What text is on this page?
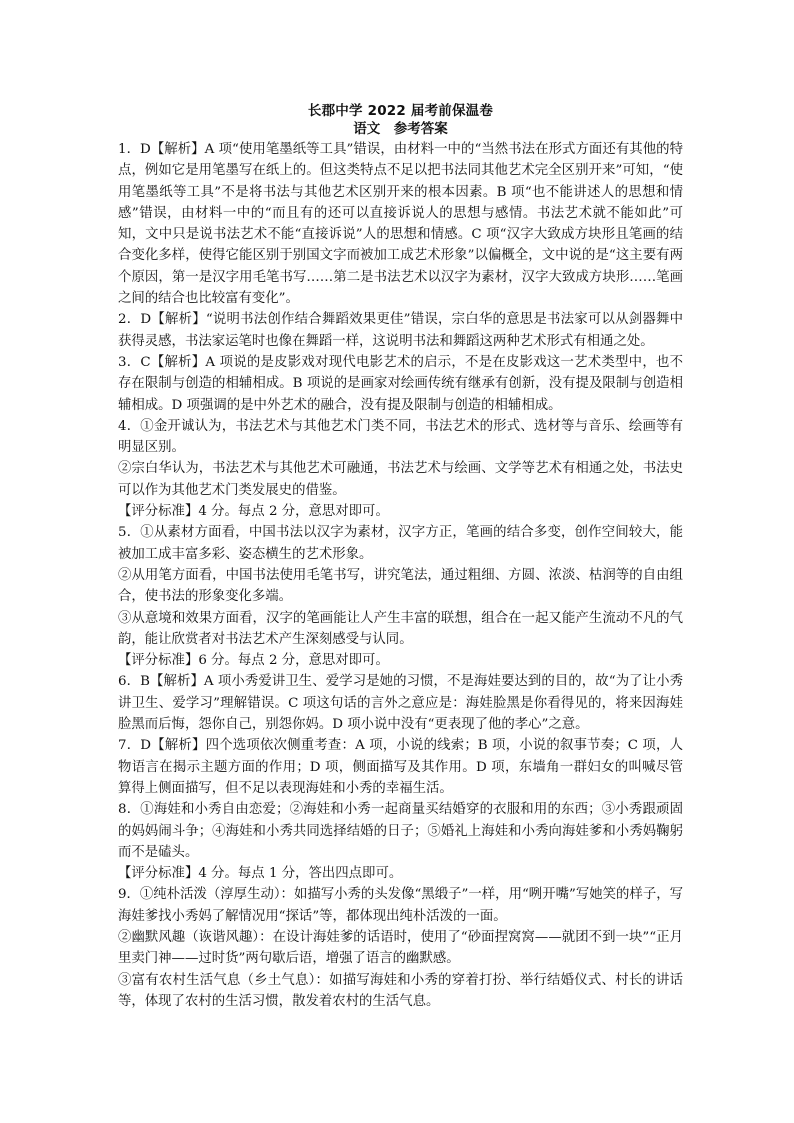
长郡中学 2022 届考前保温卷
语文　参考答案

1．D【解析】A 项“使用笔墨纸等工具”错误，由材料一中的“当然书法在形式方面还有其他的特点，例如它是用笔墨写在纸上的。但这类特点不足以把书法同其他艺术完全区别开来”可知，“使用笔墨纸等工具”不是将书法与其他艺术区别开来的根本因素。B 项“也不能讲述人的思想和情感”错误，由材料一中的“而且有的还可以直接诉说人的思想与感情。书法艺术就不能如此”可知，文中只是说书法艺术不能“直接诉说”人的思想和情感。C 项“汉字大致成方块形且笔画的结合变化多样，使得它能区别于别国文字而被加工成艺术形象”以偏概全，文中说的是“这主要有两个原因，第一是汉字用毛笔书写……第二是书法艺术以汉字为素材，汉字大致成方块形……笔画之间的结合也比较富有变化”。

2．D【解析】“说明书法创作结合舞蹈效果更佳”错误，宗白华的意思是书法家可以从剑器舞中获得灵感，书法家运笔时也像在舞蹈一样，这说明书法和舞蹈这两种艺术形式有相通之处。

3．C【解析】A 项说的是皮影戏对现代电影艺术的启示，不是在皮影戏这一艺术类型中，也不存在限制与创造的相辅相成。B 项说的是画家对绘画传统有继承有创新，没有提及限制与创造相辅相成。D 项强调的是中外艺术的融合，没有提及限制与创造的相辅相成。

4．①金开诚认为，书法艺术与其他艺术门类不同，书法艺术的形式、选材等与音乐、绘画等有明显区别。

②宗白华认为，书法艺术与其他艺术可融通，书法艺术与绘画、文学等艺术有相通之处，书法史可以作为其他艺术门类发展史的借鉴。

【评分标准】4 分。每点 2 分，意思对即可。

5．①从素材方面看，中国书法以汉字为素材，汉字方正，笔画的结合多变，创作空间较大，能被加工成丰富多彩、姿态横生的艺术形象。

②从用笔方面看，中国书法使用毛笔书写，讲究笔法，通过粗细、方圆、浓淡、枯润等的自由组合，使书法的形象变化多端。

③从意境和效果方面看，汉字的笔画能让人产生丰富的联想，组合在一起又能产生流动不凡的气韵，能让欣赏者对书法艺术产生深刻感受与认同。

【评分标准】6 分。每点 2 分，意思对即可。

6．B【解析】A 项小秀爱讲卫生、爱学习是她的习惯，不是海娃要达到的目的，故“为了让小秀讲卫生、爱学习”理解错误。C 项这句话的言外之意应是：海娃脸黑是你看得见的，将来因海娃脸黑而后悔，怨你自己，别怨你妈。D 项小说中没有“更表现了他的孝心”之意。

7．D【解析】四个选项依次侧重考查：A 项，小说的线索；B 项，小说的叙事节奏；C 项，人物语言在揭示主题方面的作用；D 项，侧面描写及其作用。D 项，东墙角一群妇女的叫喊尽管算得上侧面描写，但不足以表现海娃和小秀的幸福生活。

8．①海娃和小秀自由恋爱；②海娃和小秀一起商量买结婚穿的衣服和用的东西；③小秀跟顽固的妈妈闹斗争；④海娃和小秀共同选择结婚的日子；⑤婚礼上海娃和小秀向海娃爹和小秀妈鞠躬而不是磕头。

【评分标准】4 分。每点 1 分，答出四点即可。

9．①纯朴活泼（淳厚生动）：如描写小秀的头发像“黑缎子”一样，用“咧开嘴”写她笑的样子，写海娃爹找小秀妈了解情况用“探话”等，都体现出纯朴活泼的一面。

②幽默风趣（诙谐风趣）：在设计海娃爹的话语时，使用了“砂面捏窝窝——就团不到一块”“正月里卖门神——过时货”两句歇后语，增强了语言的幽默感。

③富有农村生活气息（乡土气息）：如描写海娃和小秀的穿着打扮、举行结婚仪式、村长的讲话等，体现了农村的生活习惯，散发着农村的生活气息。
